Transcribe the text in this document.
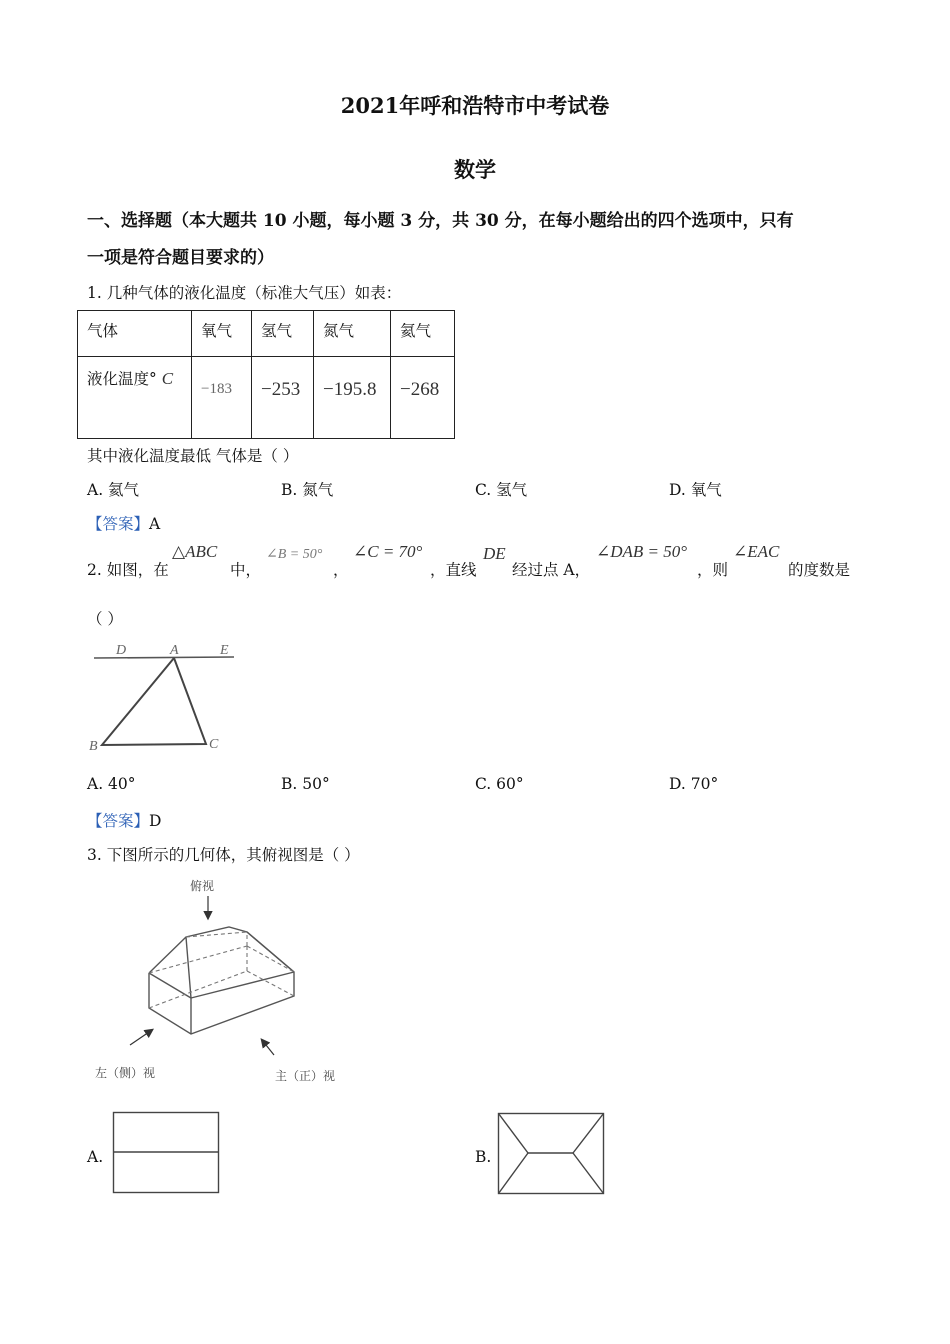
2021年呼和浩特市中考试卷
数学
一、选择题（本大题共 10 小题，每小题 3 分，共 30 分，在每小题给出的四个选项中，只有
一项是符合题目要求的）
1. 几种气体的液化温度（标准大气压）如表：
气体	氧气	氢气	氮气	氦气
液化温度° C	−183	−253	−195.8	−268
其中液化温度最低 气体是（ ）
A. 氦气	B. 氮气	C. 氢气	D. 氧气
【答案】A
2. 如图，在
△ABC
中，
∠B = 50°
，
∠C = 70°
，直线
DE
经过点 A，
∠DAB = 50°
，则
∠EAC
的度数是
（ ）
D	A	E
B	C
A. 40°	B. 50°	C. 60°	D. 70°
【答案】D
3. 下图所示的几何体，其俯视图是（ ）
俯视
左（侧）视	主（正）视
A.	B.
